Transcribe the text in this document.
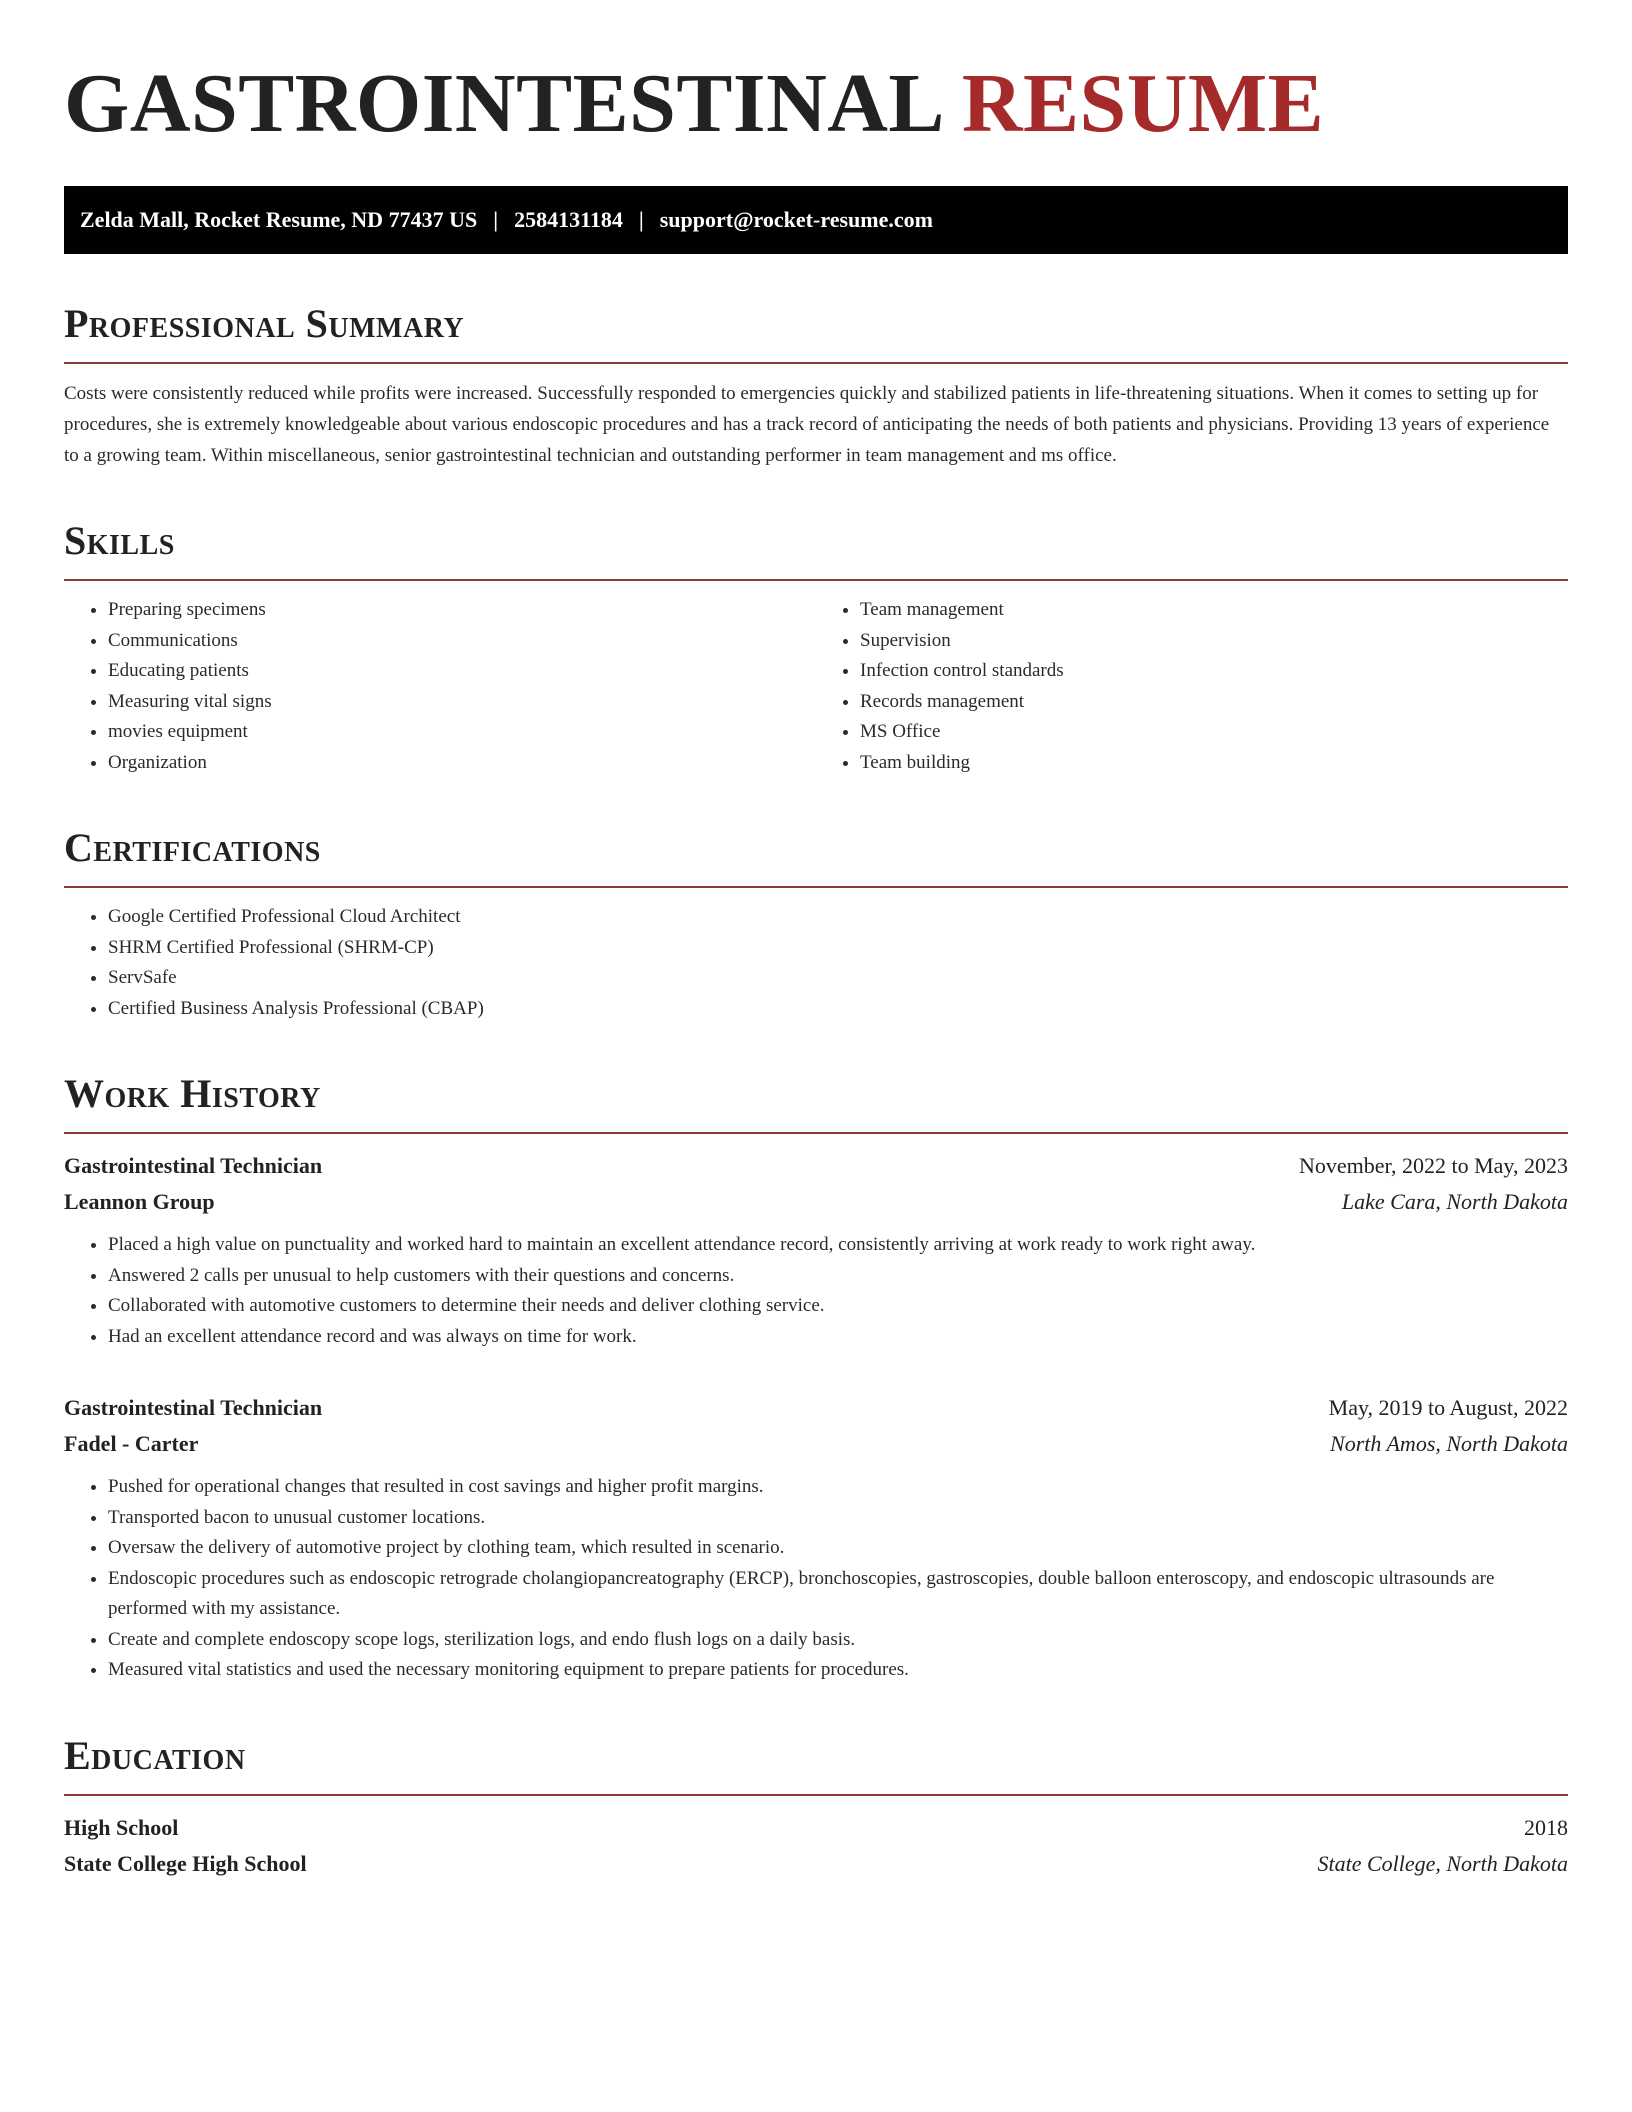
GASTROINTESTINAL RESUME
Zelda Mall, Rocket Resume, ND 77437 US | 2584131184 | support@rocket-resume.com
Professional Summary

Costs were consistently reduced while profits were increased. Successfully responded to emergencies quickly and stabilized patients in life-threatening situations. When it comes to setting up for procedures, she is extremely knowledgeable about various endoscopic procedures and has a track record of anticipating the needs of both patients and physicians. Providing 13 years of experience to a growing team. Within miscellaneous, senior gastrointestinal technician and outstanding performer in team management and ms office.

Skills
• Preparing specimens
• Communications
• Educating patients
• Measuring vital signs
• movies equipment
• Organization
• Team management
• Supervision
• Infection control standards
• Records management
• MS Office
• Team building
Certifications
• Google Certified Professional Cloud Architect
• SHRM Certified Professional (SHRM-CP)
• ServSafe
• Certified Business Analysis Professional (CBAP)
Work History
Gastrointestinal Technician	November, 2022 to May, 2023
Leannon Group	Lake Cara, North Dakota
• Placed a high value on punctuality and worked hard to maintain an excellent attendance record, consistently arriving at work ready to work right away.
• Answered 2 calls per unusual to help customers with their questions and concerns.
• Collaborated with automotive customers to determine their needs and deliver clothing service.
• Had an excellent attendance record and was always on time for work.
Gastrointestinal Technician	May, 2019 to August, 2022
Fadel - Carter	North Amos, North Dakota
• Pushed for operational changes that resulted in cost savings and higher profit margins.
• Transported bacon to unusual customer locations.
• Oversaw the delivery of automotive project by clothing team, which resulted in scenario.
• Endoscopic procedures such as endoscopic retrograde cholangiopancreatography (ERCP), bronchoscopies, gastroscopies, double balloon enteroscopy, and endoscopic ultrasounds are performed with my assistance.
• Create and complete endoscopy scope logs, sterilization logs, and endo flush logs on a daily basis.
• Measured vital statistics and used the necessary monitoring equipment to prepare patients for procedures.
Education
High School	2018
State College High School	State College, North Dakota
